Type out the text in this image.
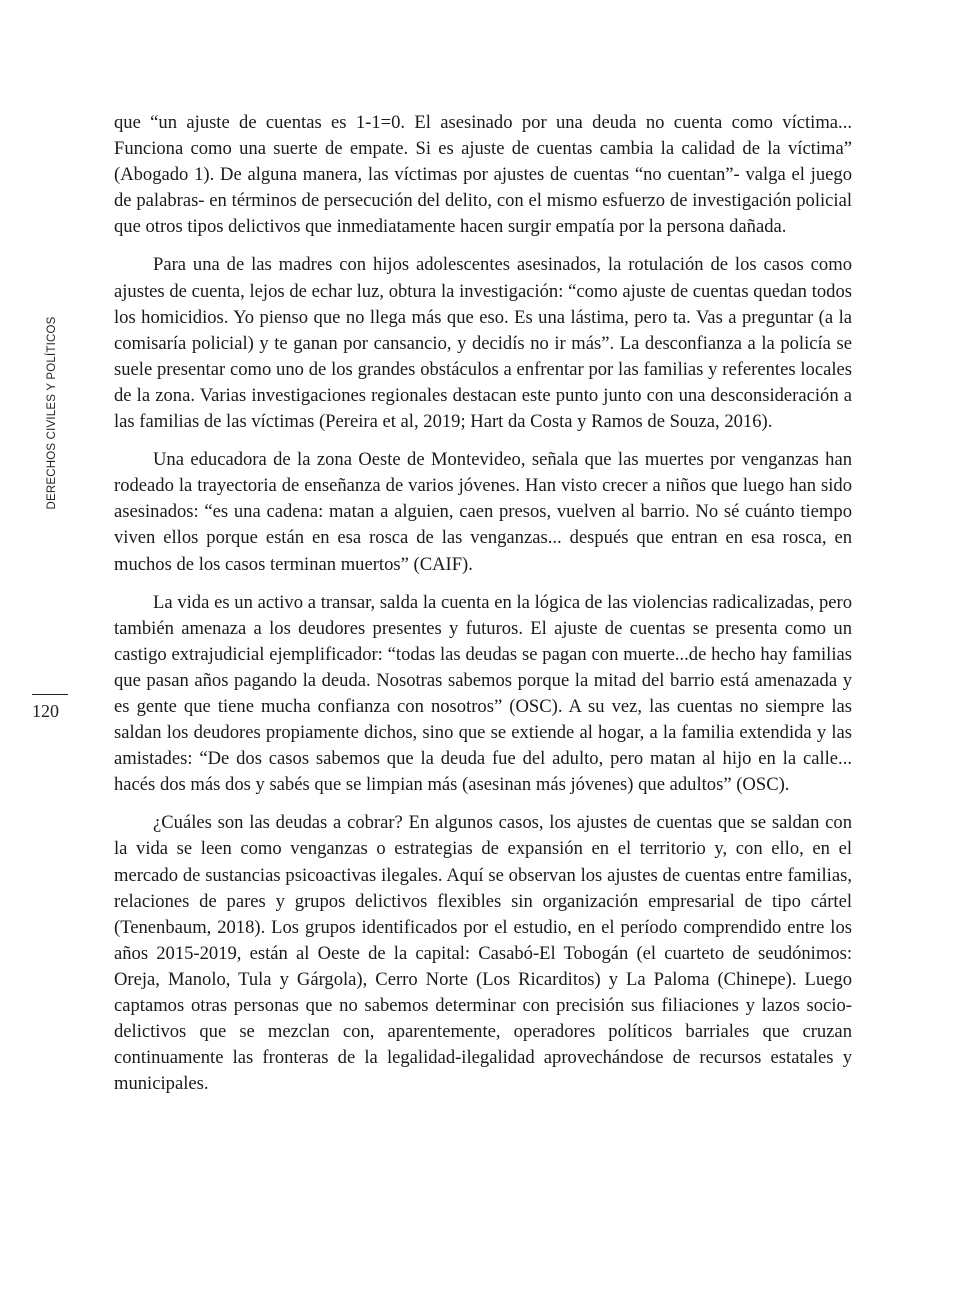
DERECHOS CIVILES Y POLÍTICOS
120

que “un ajuste de cuentas es 1-1=0. El asesinado por una deuda no cuenta como víctima... Funciona como una suerte de empate. Si es ajuste de cuentas cambia la calidad de la víctima” (Abogado 1). De alguna manera, las víctimas por ajustes de cuentas “no cuentan”- valga el juego de palabras- en términos de persecución del delito, con el mismo esfuerzo de investigación policial que otros tipos delictivos que inmediatamente hacen surgir empatía por la persona dañada.

Para una de las madres con hijos adolescentes asesinados, la rotulación de los casos como ajustes de cuenta, lejos de echar luz, obtura la investigación: “como ajuste de cuentas quedan todos los homicidios. Yo pienso que no llega más que eso. Es una lástima, pero ta. Vas a preguntar (a la comisaría policial) y te ganan por cansancio, y decidís no ir más”. La desconfianza a la policía se suele presentar como uno de los grandes obstáculos a enfrentar por las familias y referentes locales de la zona. Varias investigaciones regionales destacan este punto junto con una desconsideración a las familias de las víctimas (Pereira et al, 2019; Hart da Costa y Ramos de Souza, 2016).

Una educadora de la zona Oeste de Montevideo, señala que las muertes por venganzas han rodeado la trayectoria de enseñanza de varios jóvenes. Han visto crecer a niños que luego han sido asesinados: “es una cadena: matan a alguien, caen presos, vuelven al barrio. No sé cuánto tiempo viven ellos porque están en esa rosca de las venganzas... después que entran en esa rosca, en muchos de los casos terminan muertos” (CAIF).

La vida es un activo a transar, salda la cuenta en la lógica de las violencias radicalizadas, pero también amenaza a los deudores presentes y futuros. El ajuste de cuentas se presenta como un castigo extrajudicial ejemplificador: “todas las deudas se pagan con muerte...de hecho hay familias que pasan años pagando la deuda. Nosotras sabemos porque la mitad del barrio está amenazada y es gente que tiene mucha confianza con nosotros” (OSC). A su vez, las cuentas no siempre las saldan los deudores propiamente dichos, sino que se extiende al hogar, a la familia extendida y las amistades: “De dos casos sabemos que la deuda fue del adulto, pero matan al hijo en la calle... hacés dos más dos y sabés que se limpian más (asesinan más jóvenes) que adultos” (OSC).

¿Cuáles son las deudas a cobrar? En algunos casos, los ajustes de cuentas que se saldan con la vida se leen como venganzas o estrategias de expansión en el territorio y, con ello, en el mercado de sustancias psicoactivas ilegales. Aquí se observan los ajustes de cuentas entre familias, relaciones de pares y grupos delictivos flexibles sin organización empresarial de tipo cártel (Tenenbaum, 2018). Los grupos identificados por el estudio, en el período comprendido entre los años 2015-2019, están al Oeste de la capital: Casabó-El Tobogán (el cuarteto de seudónimos: Oreja, Manolo, Tula y Gárgola), Cerro Norte (Los Ricarditos) y La Paloma (Chinepe). Luego captamos otras personas que no sabemos determinar con precisión sus filiaciones y lazos socio-delictivos que se mezclan con, aparentemente, operadores políticos barriales que cruzan continuamente las fronteras de la legalidad-ilegalidad aprovechándose de recursos estatales y municipales.
